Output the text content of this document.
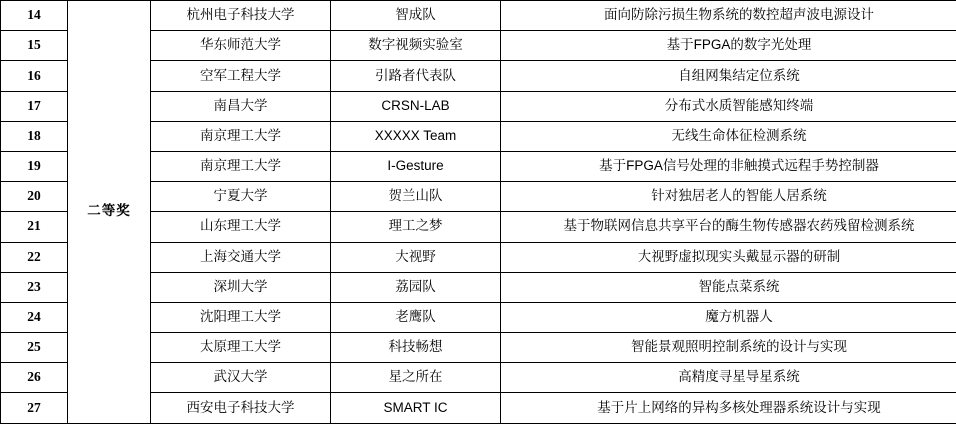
14	二等奖	杭州电子科技大学	智成队	面向防除污损生物系统的数控超声波电源设计
15		华东师范大学	数字视频实验室	基于FPGA的数字光处理
16		空军工程大学	引路者代表队	自组网集结定位系统
17		南昌大学	CRSN-LAB	分布式水质智能感知终端
18		南京理工大学	XXXXX Team	无线生命体征检测系统
19		南京理工大学	I-Gesture	基于FPGA信号处理的非触摸式远程手势控制器
20		宁夏大学	贺兰山队	针对独居老人的智能人居系统
21		山东理工大学	理工之梦	基于物联网信息共享平台的酶生物传感器农药残留检测系统
22		上海交通大学	大视野	大视野虚拟现实头戴显示器的研制
23		深圳大学	荔园队	智能点菜系统
24		沈阳理工大学	老鹰队	魔方机器人
25		太原理工大学	科技畅想	智能景观照明控制系统的设计与实现
26		武汉大学	星之所在	高精度寻星导星系统
27		西安电子科技大学	SMART IC	基于片上网络的异构多核处理器系统设计与实现
